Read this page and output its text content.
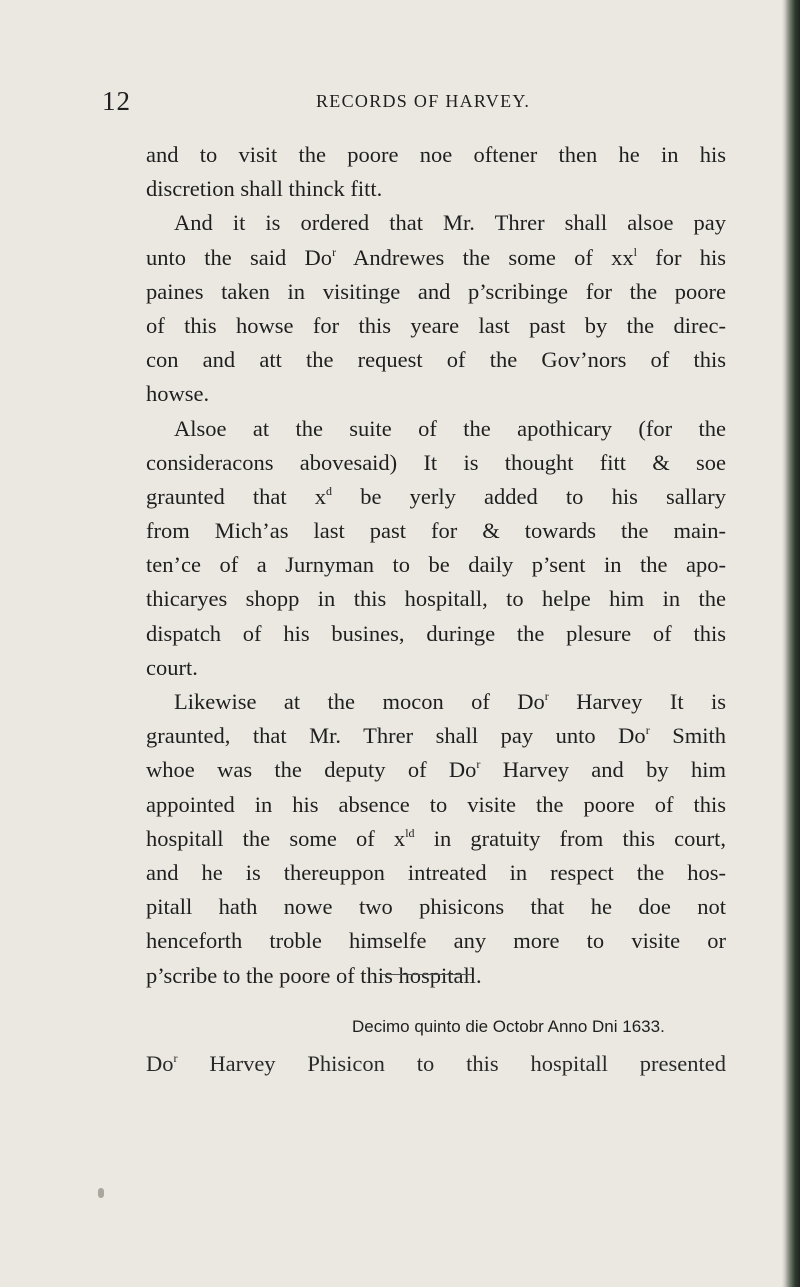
12	RECORDS OF HARVEY.
and to visit the poore noe oftener then he in his
discretion shall thinck fitt.
And it is ordered that Mr. Threr shall alsoe pay
unto the said Do$^r$ Andrewes the some of $xx^l$ for his
paines taken in visitinge and p’scribinge for the poore
of this howse for this yeare last past by the direc-
con and att the request of the Gov’nors of this
howse.
Alsoe at the suite of the apothicary (for the
consideracons abovesaid) It is thought fitt & soe
graunted that $x^d$ be yerly added to his sallary
from Mich’as last past for & towards the main-
ten’ce of a Jurnyman to be daily p’sent in the apo-
thicaryes shopp in this hospitall, to helpe him in the
dispatch of his busines, duringe the plesure of this
court.
Likewise at the mocon of Do$^r$ Harvey It is
graunted, that Mr. Threr shall pay unto Do$^r$ Smith
whoe was the deputy of Do$^r$ Harvey and by him
appointed in his absence to visite the poore of this
hospitall the some of $x^{ld}$ in gratuity from this court,
and he is thereuppon intreated in respect the hos-
pitall hath nowe two phisicons that he doe not
henceforth troble himselfe any more to visite or
p’scribe to the poore of this hospitall.
Decimo quinto die Octobr Anno Dni 1633.
Do$^r$ Harvey Phisicon to this hospitall presented
